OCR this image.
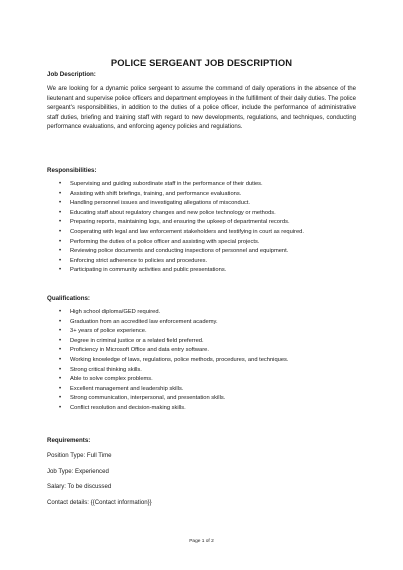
POLICE SERGEANT JOB DESCRIPTION

Job Description:

We are looking for a dynamic police sergeant to assume the command of daily operations in the absence of the lieutenant and supervise police officers and department employees in the fulfillment of their daily duties. The police sergeant's responsibilities, in addition to the duties of a police officer, include the performance of administrative staff duties, briefing and training staff with regard to new developments, regulations, and techniques, conducting performance evaluations, and enforcing agency policies and regulations.

Responsibilities:

• Supervising and guiding subordinate staff in the performance of their duties.
• Assisting with shift briefings, training, and performance evaluations.
• Handling personnel issues and investigating allegations of misconduct.
• Educating staff about regulatory changes and new police technology or methods.
• Preparing reports, maintaining logs, and ensuring the upkeep of departmental records.
• Cooperating with legal and law enforcement stakeholders and testifying in court as required.
• Performing the duties of a police officer and assisting with special projects.
• Reviewing police documents and conducting inspections of personnel and equipment.
• Enforcing strict adherence to policies and procedures.
• Participating in community activities and public presentations.

Qualifications:

• High school diploma/GED required.
• Graduation from an accredited law enforcement academy.
• 3+ years of police experience.
• Degree in criminal justice or a related field preferred.
• Proficiency in Microsoft Office and data entry software.
• Working knowledge of laws, regulations, police methods, procedures, and techniques.
• Strong critical thinking skills.
• Able to solve complex problems.
• Excellent management and leadership skills.
• Strong communication, interpersonal, and presentation skills.
• Conflict resolution and decision-making skills.

Requirements:

Position Type: Full Time

Job Type: Experienced

Salary: To be discussed

Contact details: {{Contact information}}

Page 1 of 2
